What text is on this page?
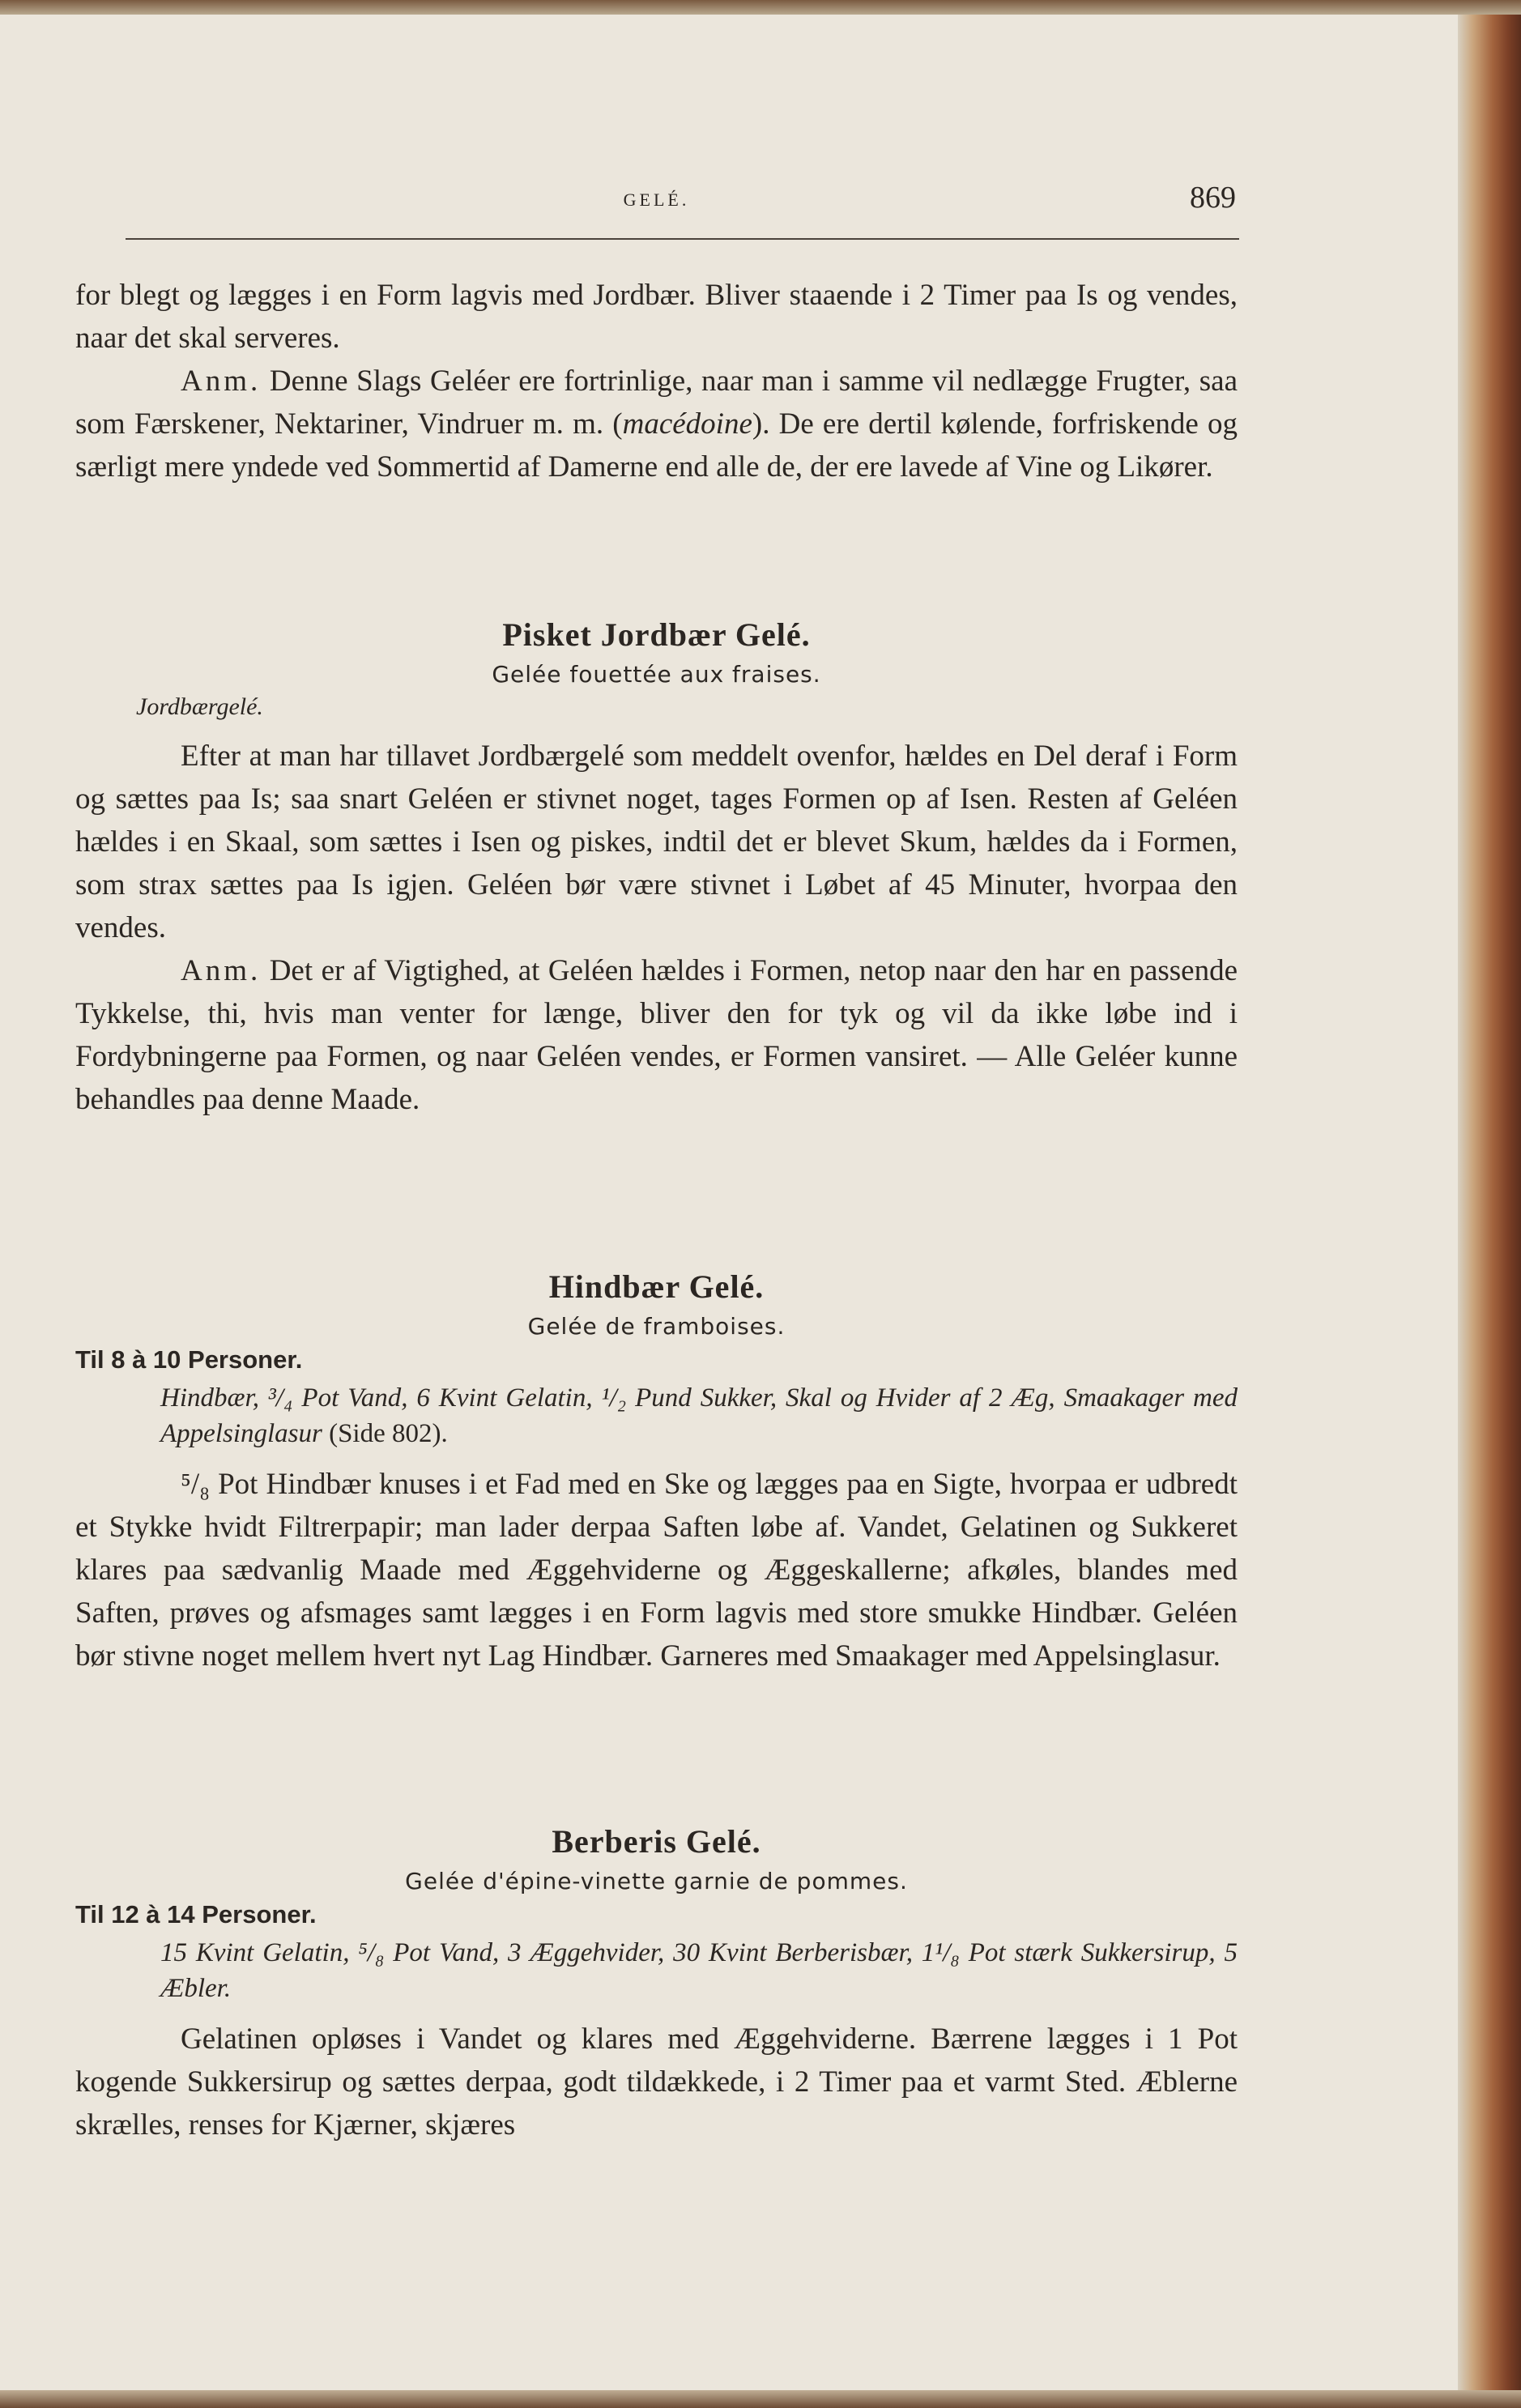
GELÉ.	869

for blegt og lægges i en Form lagvis med Jordbær. Bliver staaende i 2 Timer paa Is og vendes, naar det skal serveres.

Anm. Denne Slags Geléer ere fortrinlige, naar man i samme vil nedlægge Frugter, saa som Færskener, Nektariner, Vindruer m. m. (macédoine). De ere dertil kølende, forfriskende og særligt mere yndede ved Sommertid af Damerne end alle de, der ere lavede af Vine og Likører.

Pisket Jordbær Gelé.
Gelée fouettée aux fraises.
Jordbærgelé.

Efter at man har tillavet Jordbærgelé som meddelt ovenfor, hældes en Del deraf i Form og sættes paa Is; saa snart Geléen er stivnet noget, tages Formen op af Isen. Resten af Geléen hældes i en Skaal, som sættes i Isen og piskes, indtil det er blevet Skum, hældes da i Formen, som strax sættes paa Is igjen. Geléen bør være stivnet i Løbet af 45 Minuter, hvorpaa den vendes.

Anm. Det er af Vigtighed, at Geléen hældes i Formen, netop naar den har en passende Tykkelse, thi, hvis man venter for længe, bliver den for tyk og vil da ikke løbe ind i Fordybningerne paa Formen, og naar Geléen vendes, er Formen vansiret. — Alle Geléer kunne behandles paa denne Maade.

Hindbær Gelé.
Gelée de framboises.
Til 8 à 10 Personer.

Hindbær, ³/₄ Pot Vand, 6 Kvint Gelatin, ¹/₂ Pund Sukker, Skal og Hvider af 2 Æg, Smaakager med Appelsinglasur (Side 802).

⁵/₈ Pot Hindbær knuses i et Fad med en Ske og lægges paa en Sigte, hvorpaa er udbredt et Stykke hvidt Filtrerpapir; man lader derpaa Saften løbe af. Vandet, Gelatinen og Sukkeret klares paa sædvanlig Maade med Æggehviderne og Æggeskallerne; afkøles, blandes med Saften, prøves og afsmages samt lægges i en Form lagvis med store smukke Hindbær. Geléen bør stivne noget mellem hvert nyt Lag Hindbær. Garneres med Smaakager med Appelsinglasur.

Berberis Gelé.
Gelée d'épine-vinette garnie de pommes.
Til 12 à 14 Personer.

15 Kvint Gelatin, ⁵/₈ Pot Vand, 3 Æggehvider, 30 Kvint Berberisbær, 1¹/₈ Pot stærk Sukkersirup, 5 Æbler.

Gelatinen opløses i Vandet og klares med Æggehviderne. Bærrene lægges i 1 Pot kogende Sukkersirup og sættes derpaa, godt tildækkede, i 2 Timer paa et varmt Sted. Æblerne skrælles, renses for Kjærner, skjæres
